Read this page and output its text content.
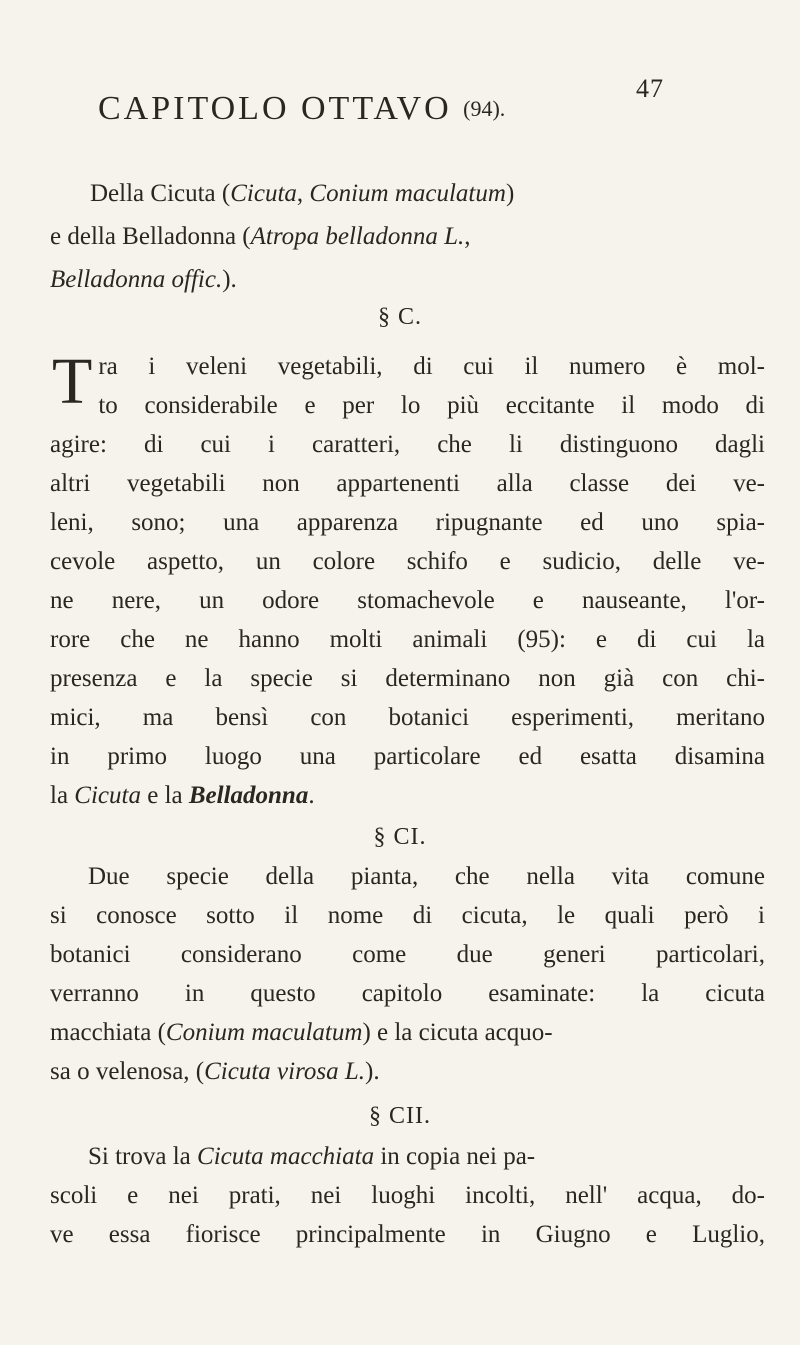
47
CAPITOLO OTTAVO (94).
Della Cicuta (Cicuta, Conium maculatum)
e della Belladonna (Atropa belladonna L.,
Belladonna offic.).
§ C.
T ra i veleni vegetabili, di cui il numero è mol-
to considerabile e per lo più eccitante il modo di
agire: di cui i caratteri, che li distinguono dagli
altri vegetabili non appartenenti alla classe dei ve-
leni, sono; una apparenza ripugnante ed uno spia-
cevole aspetto, un colore schifo e sudicio, delle ve-
ne nere, un odore stomachevole e nauseante, l'or-
rore che ne hanno molti animali (95): e di cui la
presenza e la specie si determinano non già con chi-
mici, ma bensì con botanici esperimenti, meritano
in primo luogo una particolare ed esatta disamina
la Cicuta e la Belladonna.
§ CI.
Due specie della pianta, che nella vita comune
si conosce sotto il nome di cicuta, le quali però i
botanici considerano come due generi particolari,
verranno in questo capitolo esaminate: la cicuta
macchiata (Conium maculatum) e la cicuta acquo-
sa o velenosa, (Cicuta virosa L.).
§ CII.
Si trova la Cicuta macchiata in copia nei pa-
scoli e nei prati, nei luoghi incolti, nell' acqua, do-
ve essa fiorisce principalmente in Giugno e Luglio,
